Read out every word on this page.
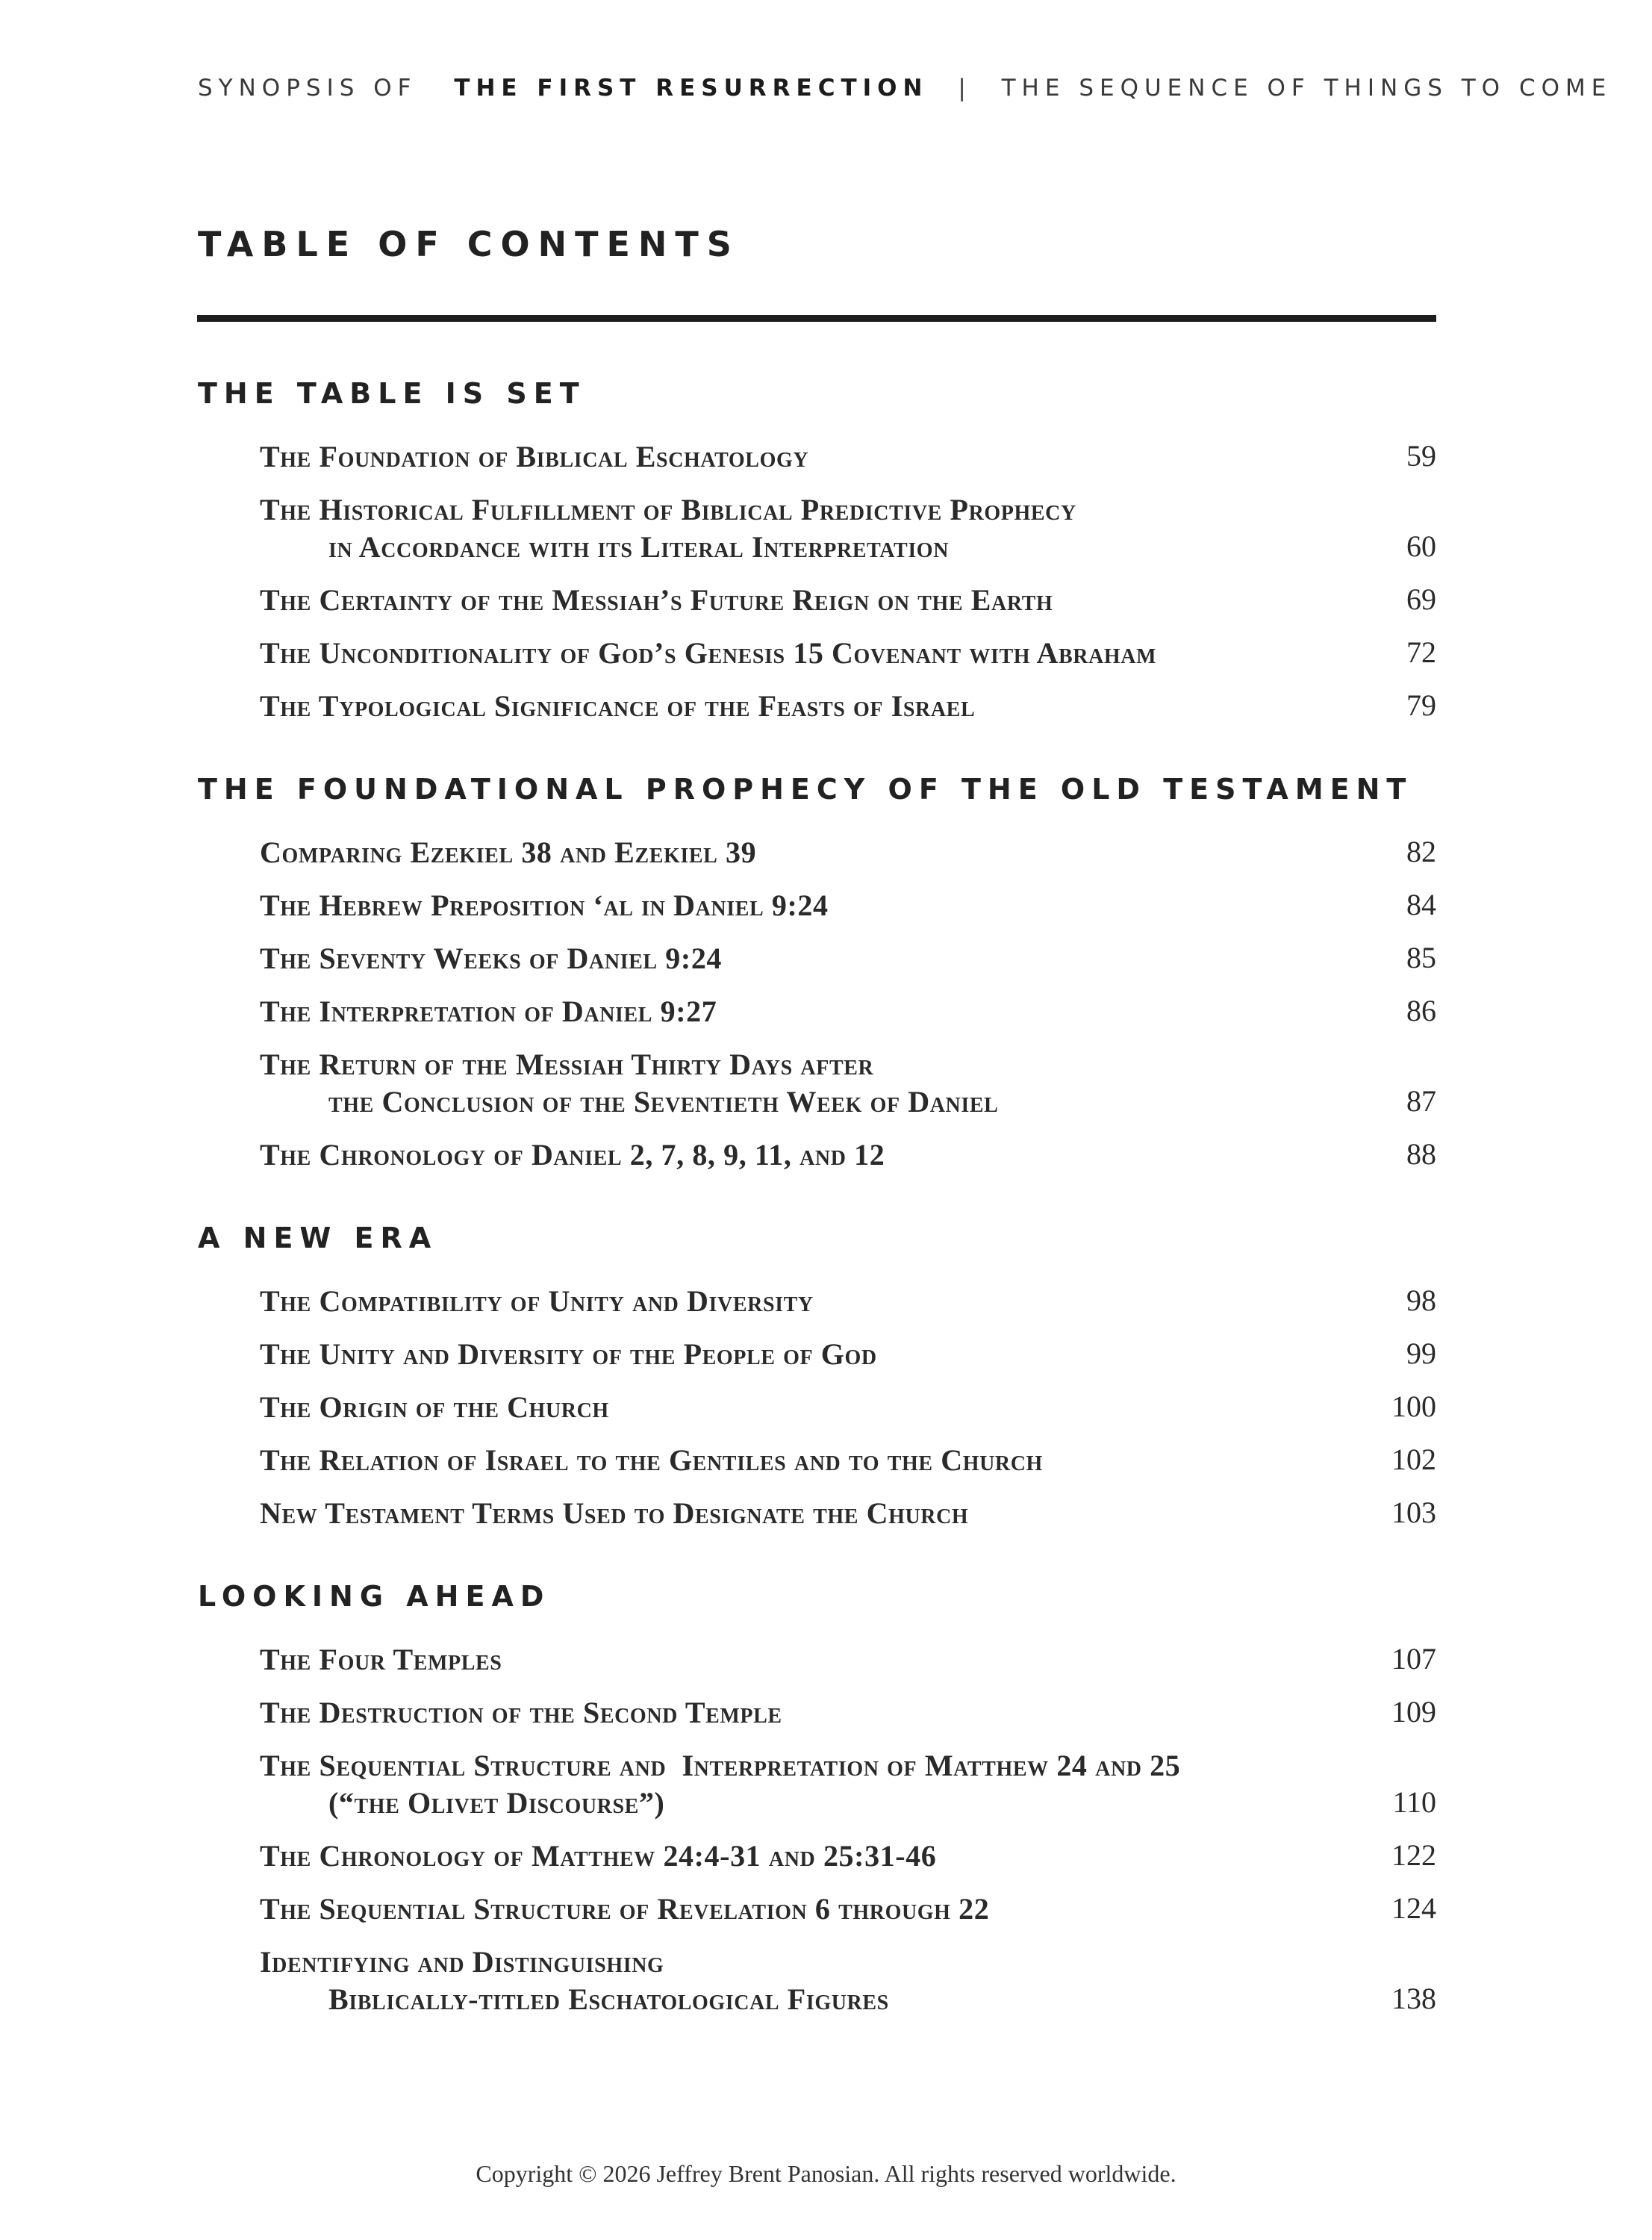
SYNOPSIS OF THE FIRST RESURRECTION | THE SEQUENCE OF THINGS TO COME
TABLE OF CONTENTS
THE TABLE IS SET
The Foundation of Biblical Eschatology	59
The Historical Fulfillment of Biblical Predictive Prophecy
in Accordance with its Literal Interpretation	60
The Certainty of the Messiah’s Future Reign on the Earth	69
The Unconditionality of God’s Genesis 15 Covenant with Abraham	72
The Typological Significance of the Feasts of Israel	79
THE FOUNDATIONAL PROPHECY OF THE OLD TESTAMENT
Comparing Ezekiel 38 and Ezekiel 39	82
The Hebrew Preposition ‘al in Daniel 9:24	84
The Seventy Weeks of Daniel 9:24	85
The Interpretation of Daniel 9:27	86
The Return of the Messiah Thirty Days after
the Conclusion of the Seventieth Week of Daniel	87
The Chronology of Daniel 2, 7, 8, 9, 11, and 12	88
A NEW ERA
The Compatibility of Unity and Diversity	98
The Unity and Diversity of the People of God	99
The Origin of the Church	100
The Relation of Israel to the Gentiles and to the Church	102
New Testament Terms Used to Designate the Church	103
LOOKING AHEAD
The Four Temples	107
The Destruction of the Second Temple	109
The Sequential Structure and  Interpretation of Matthew 24 and 25
(“the Olivet Discourse”)	110
The Chronology of Matthew 24:4-31 and 25:31-46	122
The Sequential Structure of Revelation 6 through 22	124
Identifying and Distinguishing
Biblically-titled Eschatological Figures	138
Copyright © 2026 Jeffrey Brent Panosian. All rights reserved worldwide.
